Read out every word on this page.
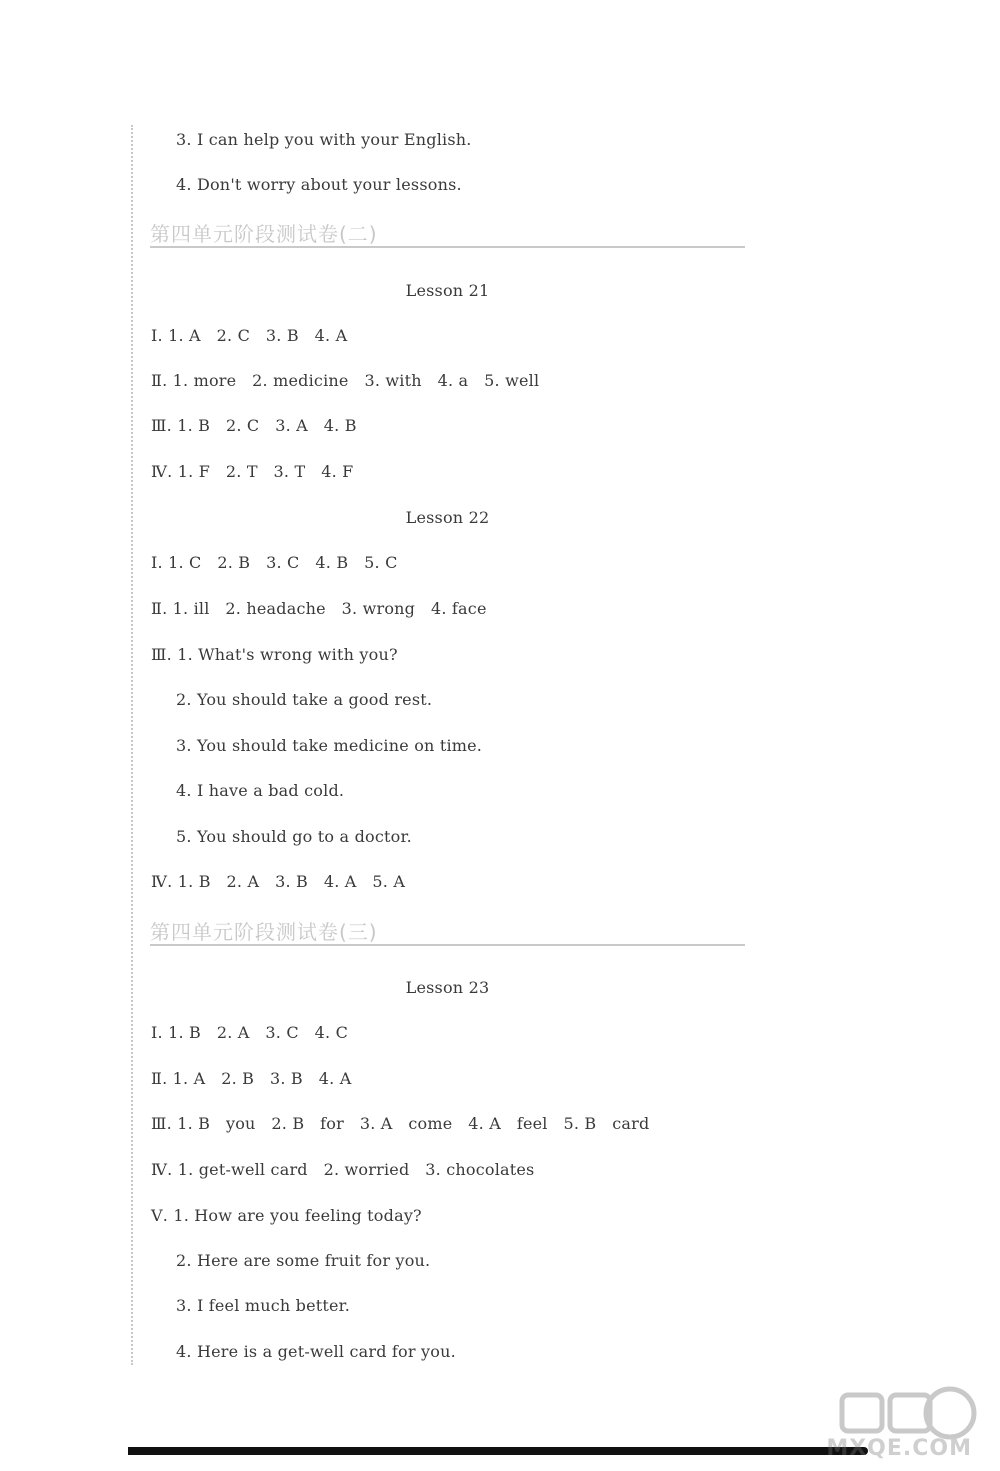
3. I can help you with your English.
4. Don't worry about your lessons.
第四单元阶段测试卷(二)
Lesson 21
Ⅰ. 1. A   2. C   3. B   4. A
Ⅱ. 1. more   2. medicine   3. with   4. a   5. well
Ⅲ. 1. B   2. C   3. A   4. B
Ⅳ. 1. F   2. T   3. T   4. F
Lesson 22
Ⅰ. 1. C   2. B   3. C   4. B   5. C
Ⅱ. 1. ill   2. headache   3. wrong   4. face
Ⅲ. 1. What's wrong with you?
2. You should take a good rest.
3. You should take medicine on time.
4. I have a bad cold.
5. You should go to a doctor.
Ⅳ. 1. B   2. A   3. B   4. A   5. A
第四单元阶段测试卷(三)
Lesson 23
Ⅰ. 1. B   2. A   3. C   4. C
Ⅱ. 1. A   2. B   3. B   4. A
Ⅲ. 1. B   you   2. B   for   3. A   come   4. A   feel   5. B   card
Ⅳ. 1. get-well card   2. worried   3. chocolates
Ⅴ. 1. How are you feeling today?
2. Here are some fruit for you.
3. I feel much better.
4. Here is a get-well card for you.
MXQE.COM
